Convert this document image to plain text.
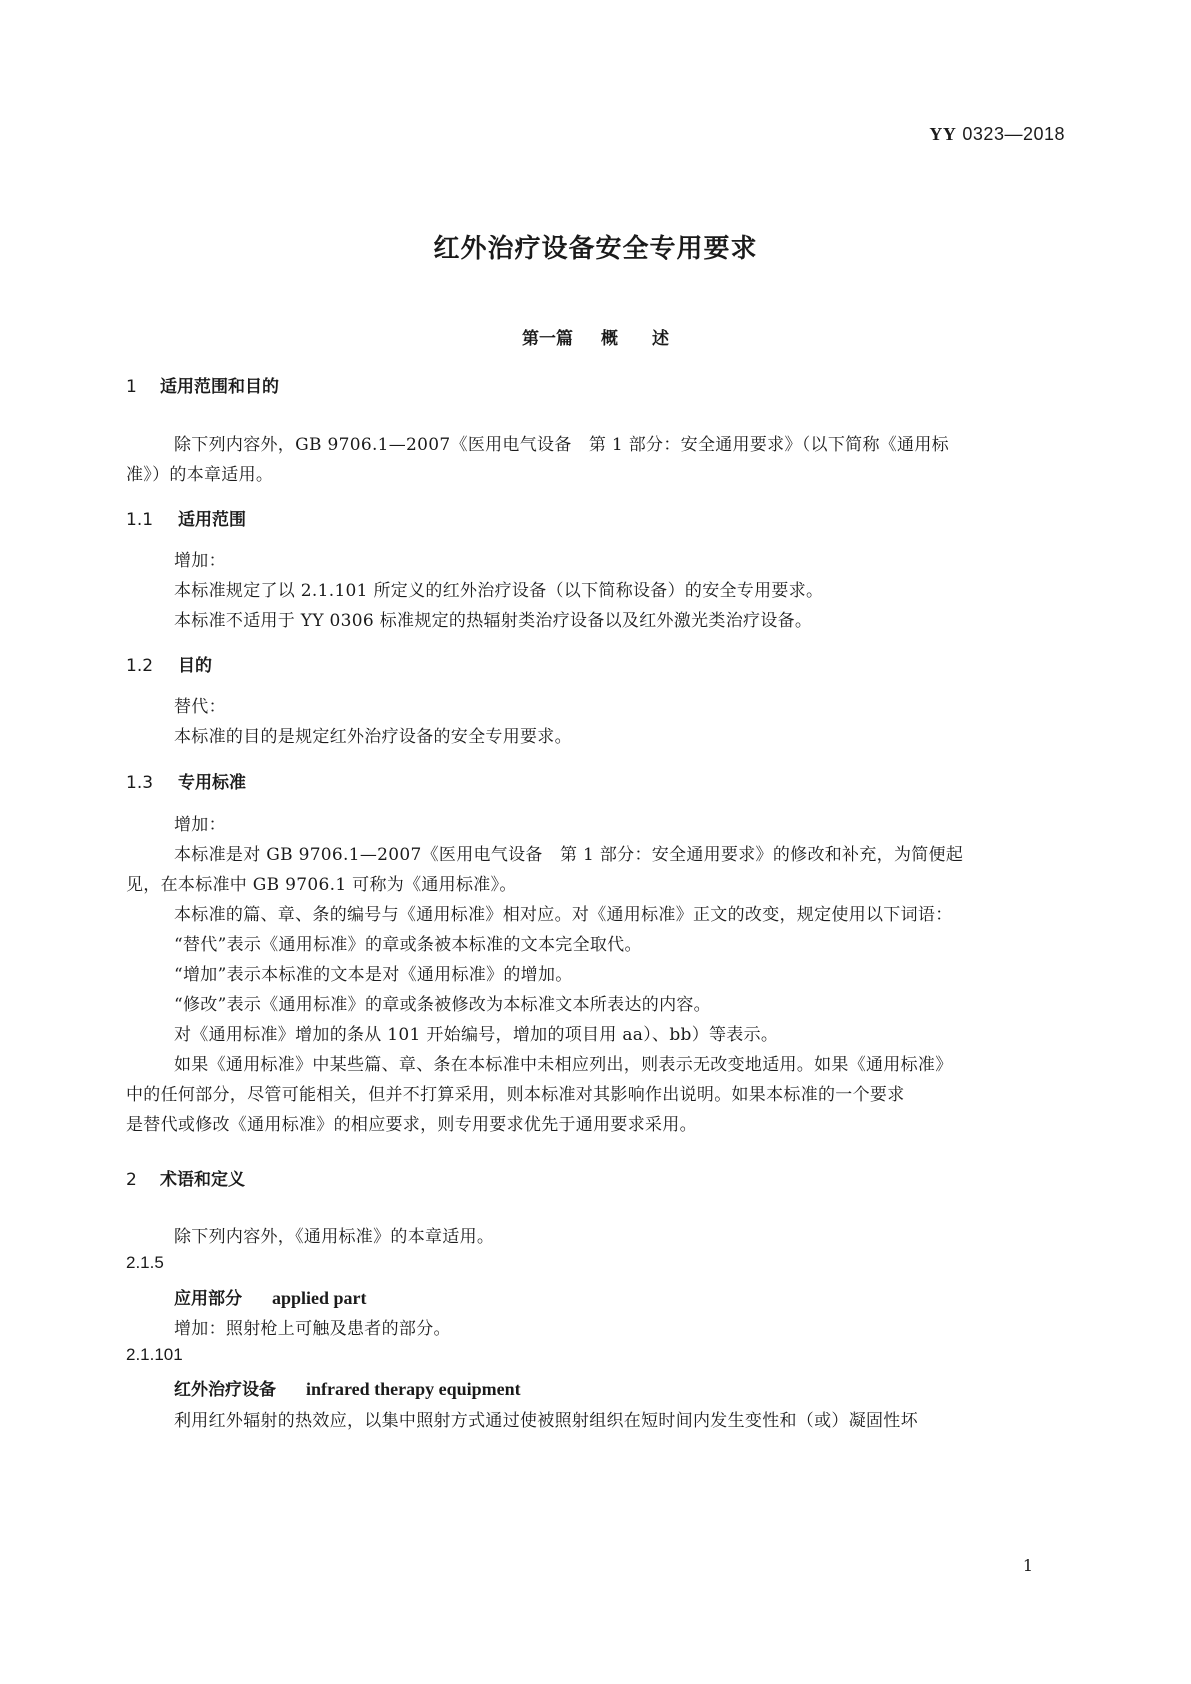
YY 0323—2018
红外治疗设备安全专用要求
第一篇 概 述
1 适用范围和目的
除下列内容外，GB 9706.1—2007《医用电气设备　第 1 部分：安全通用要求》（以下简称《通用标
准》）的本章适用。
1.1 适用范围
增加：
本标准规定了以 2.1.101 所定义的红外治疗设备（以下简称设备）的安全专用要求。
本标准不适用于 YY 0306 标准规定的热辐射类治疗设备以及红外激光类治疗设备。
1.2 目的
替代：
本标准的目的是规定红外治疗设备的安全专用要求。
1.3 专用标准
增加：
本标准是对 GB 9706.1—2007《医用电气设备　第 1 部分：安全通用要求》的修改和补充，为简便起
见，在本标准中 GB 9706.1 可称为《通用标准》。
本标准的篇、章、条的编号与《通用标准》相对应。对《通用标准》正文的改变，规定使用以下词语：
“替代”表示《通用标准》的章或条被本标准的文本完全取代。
“增加”表示本标准的文本是对《通用标准》的增加。
“修改”表示《通用标准》的章或条被修改为本标准文本所表达的内容。
对《通用标准》增加的条从 101 开始编号，增加的项目用 aa）、bb）等表示。
如果《通用标准》中某些篇、章、条在本标准中未相应列出，则表示无改变地适用。如果《通用标准》
中的任何部分，尽管可能相关，但并不打算采用，则本标准对其影响作出说明。如果本标准的一个要求
是替代或修改《通用标准》的相应要求，则专用要求优先于通用要求采用。
2 术语和定义
除下列内容外，《通用标准》的本章适用。
2.1.5
应用部分 applied part
增加：照射枪上可触及患者的部分。
2.1.101
红外治疗设备 infrared therapy equipment
利用红外辐射的热效应，以集中照射方式通过使被照射组织在短时间内发生变性和（或）凝固性坏
1
